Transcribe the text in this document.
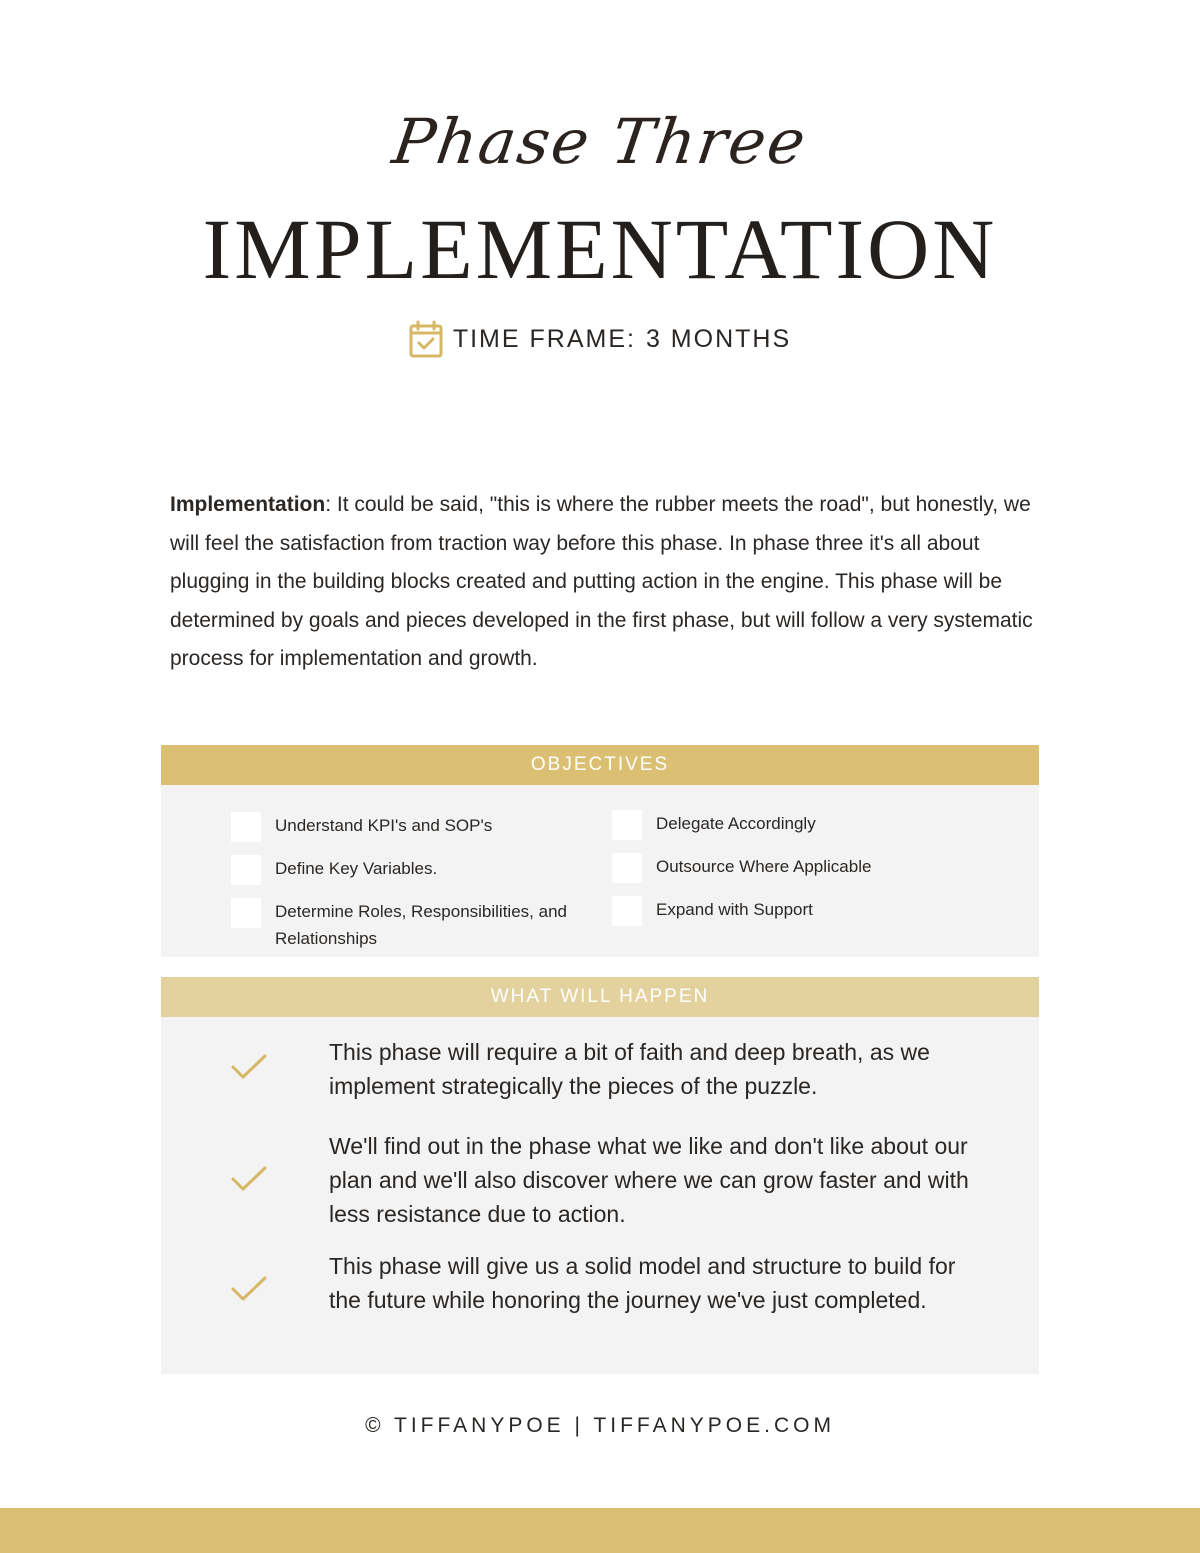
Phase Three
IMPLEMENTATION
TIME FRAME: 3 MONTHS
Implementation: It could be said, "this is where the rubber meets the road", but honestly, we will feel the satisfaction from traction way before this phase. In phase three it's all about plugging in the building blocks created and putting action in the engine. This phase will be determined by goals and pieces developed in the first phase, but will follow a very systematic process for implementation and growth.
OBJECTIVES
Understand KPI's and SOP's
Define Key Variables.
Determine Roles, Responsibilities, and Relationships
Delegate Accordingly
Outsource Where Applicable
Expand with Support
WHAT WILL HAPPEN
This phase will require a bit of faith and deep breath, as we implement strategically the pieces of the puzzle.
We'll find out in the phase what we like and don't like about our plan and we'll also discover where we can grow faster and with less resistance due to action.
This phase will give us a solid model and structure to build for the future while honoring the journey we've just completed.
© TIFFANYPOE | TIFFANYPOE.COM
